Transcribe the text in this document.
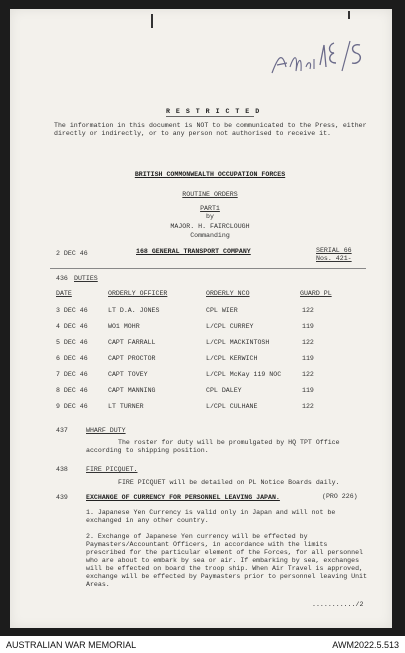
R E S T R I C T E D
The information in this document is NOT to be communicated to the Press, either directly or indirectly, or to any person not authorised to receive it.
BRITISH COMMONWEALTH OCCUPATION FORCES
ROUTINE ORDERS
PART1
by
MAJOR. H. FAIRCLOUGH
Commanding
2 DEC 46	168 GENERAL TRANSPORT COMPANY	SERIAL 66
Nos. 421-
436 DUTIES
DATE	ORDERLY OFFICER	ORDERLY NCO	GUARD PL
3 DEC 46	LT D.A. JONES	CPL WIER	122
4 DEC 46	WO1 MOHR	L/CPL CURREY	119
5 DEC 46	CAPT FARRALL	L/CPL MACKINTOSH	122
6 DEC 46	CAPT PROCTOR	L/CPL KERWICH	119
7 DEC 46	CAPT TOVEY	L/CPL McKay 119 NOC	122
8 DEC 46	CAPT MANNING	CPL DALEY	119
9 DEC 46	LT TURNER	L/CPL CULHANE	122
437	WHARF DUTY
The roster for duty will be promulgated by HQ TPT Office according to shipping position.
438	FIRE PICQUET.
FIRE PICQUET will be detailed on PL Notice Boards daily.
439	EXCHANGE OF CURRENCY FOR PERSONNEL LEAVING JAPAN.	(PRO 226)
1. Japanese Yen Currency is valid only in Japan and will not be exchanged in any other country.
2. Exchange of Japanese Yen currency will be effected by Paymasters/Accountant Officers, in accordance with the limits prescribed for the particular element of the Forces, for all personnel who are about to embark by sea or air. If embarking by sea, exchanges will be effected on board the troop ship. When Air Travel is approved, exchange will be effected by Paymasters prior to personnel leaving Unit Areas.
.........../2
AUSTRALIAN WAR MEMORIAL	AWM2022.5.513
